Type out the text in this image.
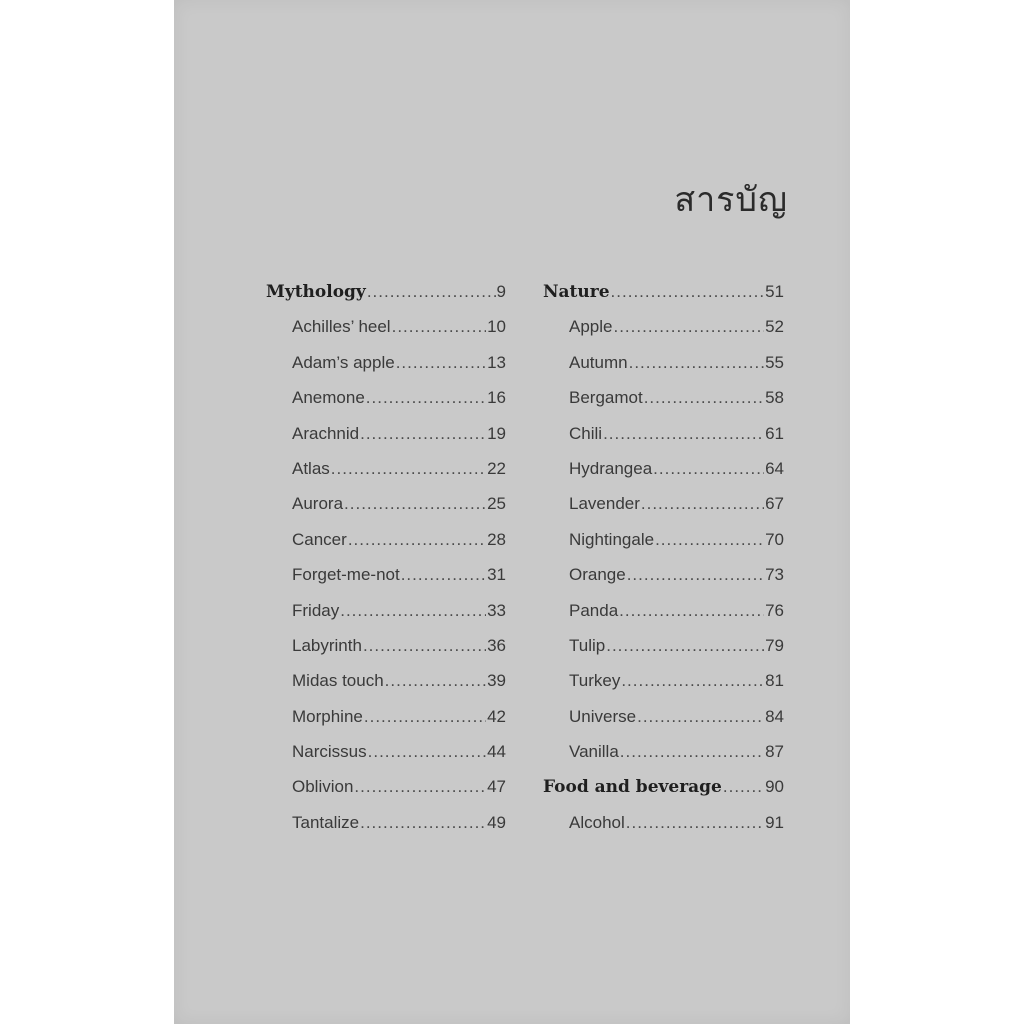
สารบัญ
Mythology .....	9
Achilles’ heel .....	10
Adam’s apple .....	13
Anemone .....	16
Arachnid .....	19
Atlas .....	22
Aurora .....	25
Cancer .....	28
Forget-me-not .....	31
Friday .....	33
Labyrinth .....	36
Midas touch .....	39
Morphine .....	42
Narcissus .....	44
Oblivion .....	47
Tantalize .....	49
Nature .....	51
Apple .....	52
Autumn .....	55
Bergamot .....	58
Chili .....	61
Hydrangea .....	64
Lavender .....	67
Nightingale .....	70
Orange .....	73
Panda .....	76
Tulip .....	79
Turkey .....	81
Universe .....	84
Vanilla .....	87
Food and beverage .....	90
Alcohol .....	91
